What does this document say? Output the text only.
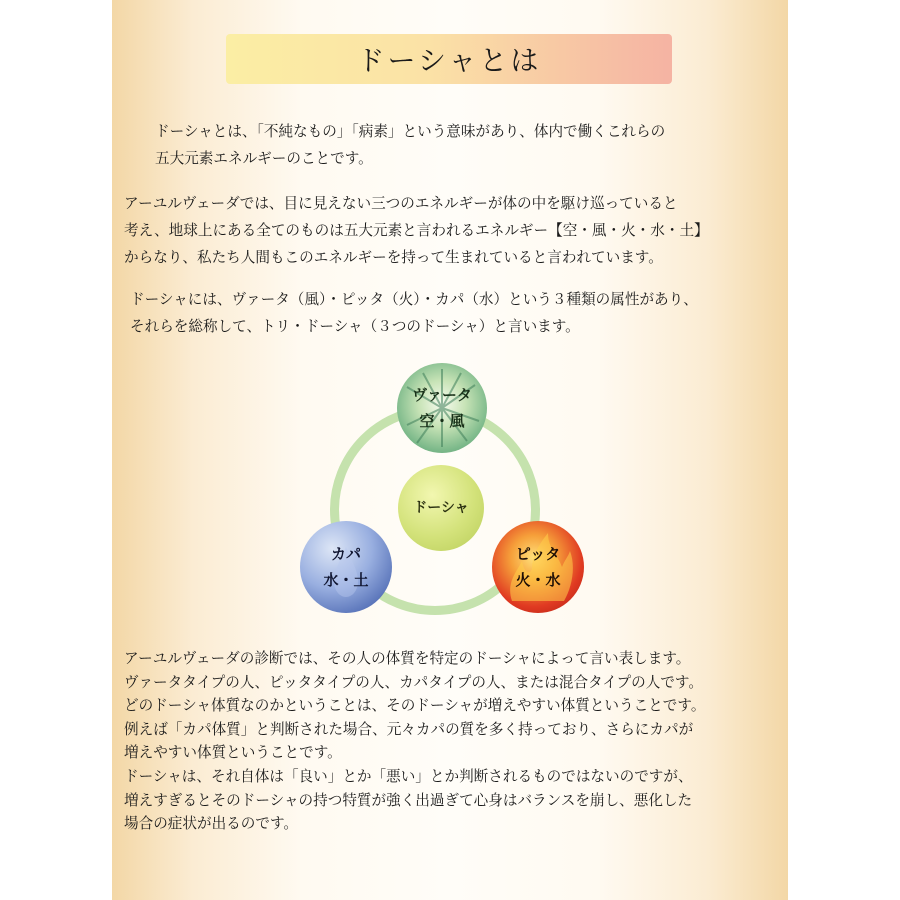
ドーシャとは
ドーシャとは、「不純なもの」「病素」という意味があり、体内で働くこれらの
五大元素エネルギーのことです。
アーユルヴェーダでは、目に見えない三つのエネルギーが体の中を駆け巡っていると
考え、地球上にある全てのものは五大元素と言われるエネルギー【空・風・火・水・土】
からなり、私たち人間もこのエネルギーを持って生まれていると言われています。
ドーシャには、ヴァータ（風）・ピッタ（火）・カパ（水）という３種類の属性があり、
それらを総称して、トリ・ドーシャ（３つのドーシャ）と言います。
ドーシャ
ヴァータ
空・風
カパ
水・土
ピッタ
火・水
アーユルヴェーダの診断では、その人の体質を特定のドーシャによって言い表します。
ヴァータタイプの人、ピッタタイプの人、カパタイプの人、または混合タイプの人です。
どのドーシャ体質なのかということは、そのドーシャが増えやすい体質ということです。
例えば「カパ体質」と判断された場合、元々カパの質を多く持っており、さらにカパが
増えやすい体質ということです。
ドーシャは、それ自体は「良い」とか「悪い」とか判断されるものではないのですが、
増えすぎるとそのドーシャの持つ特質が強く出過ぎて心身はバランスを崩し、悪化した
場合の症状が出るのです。
